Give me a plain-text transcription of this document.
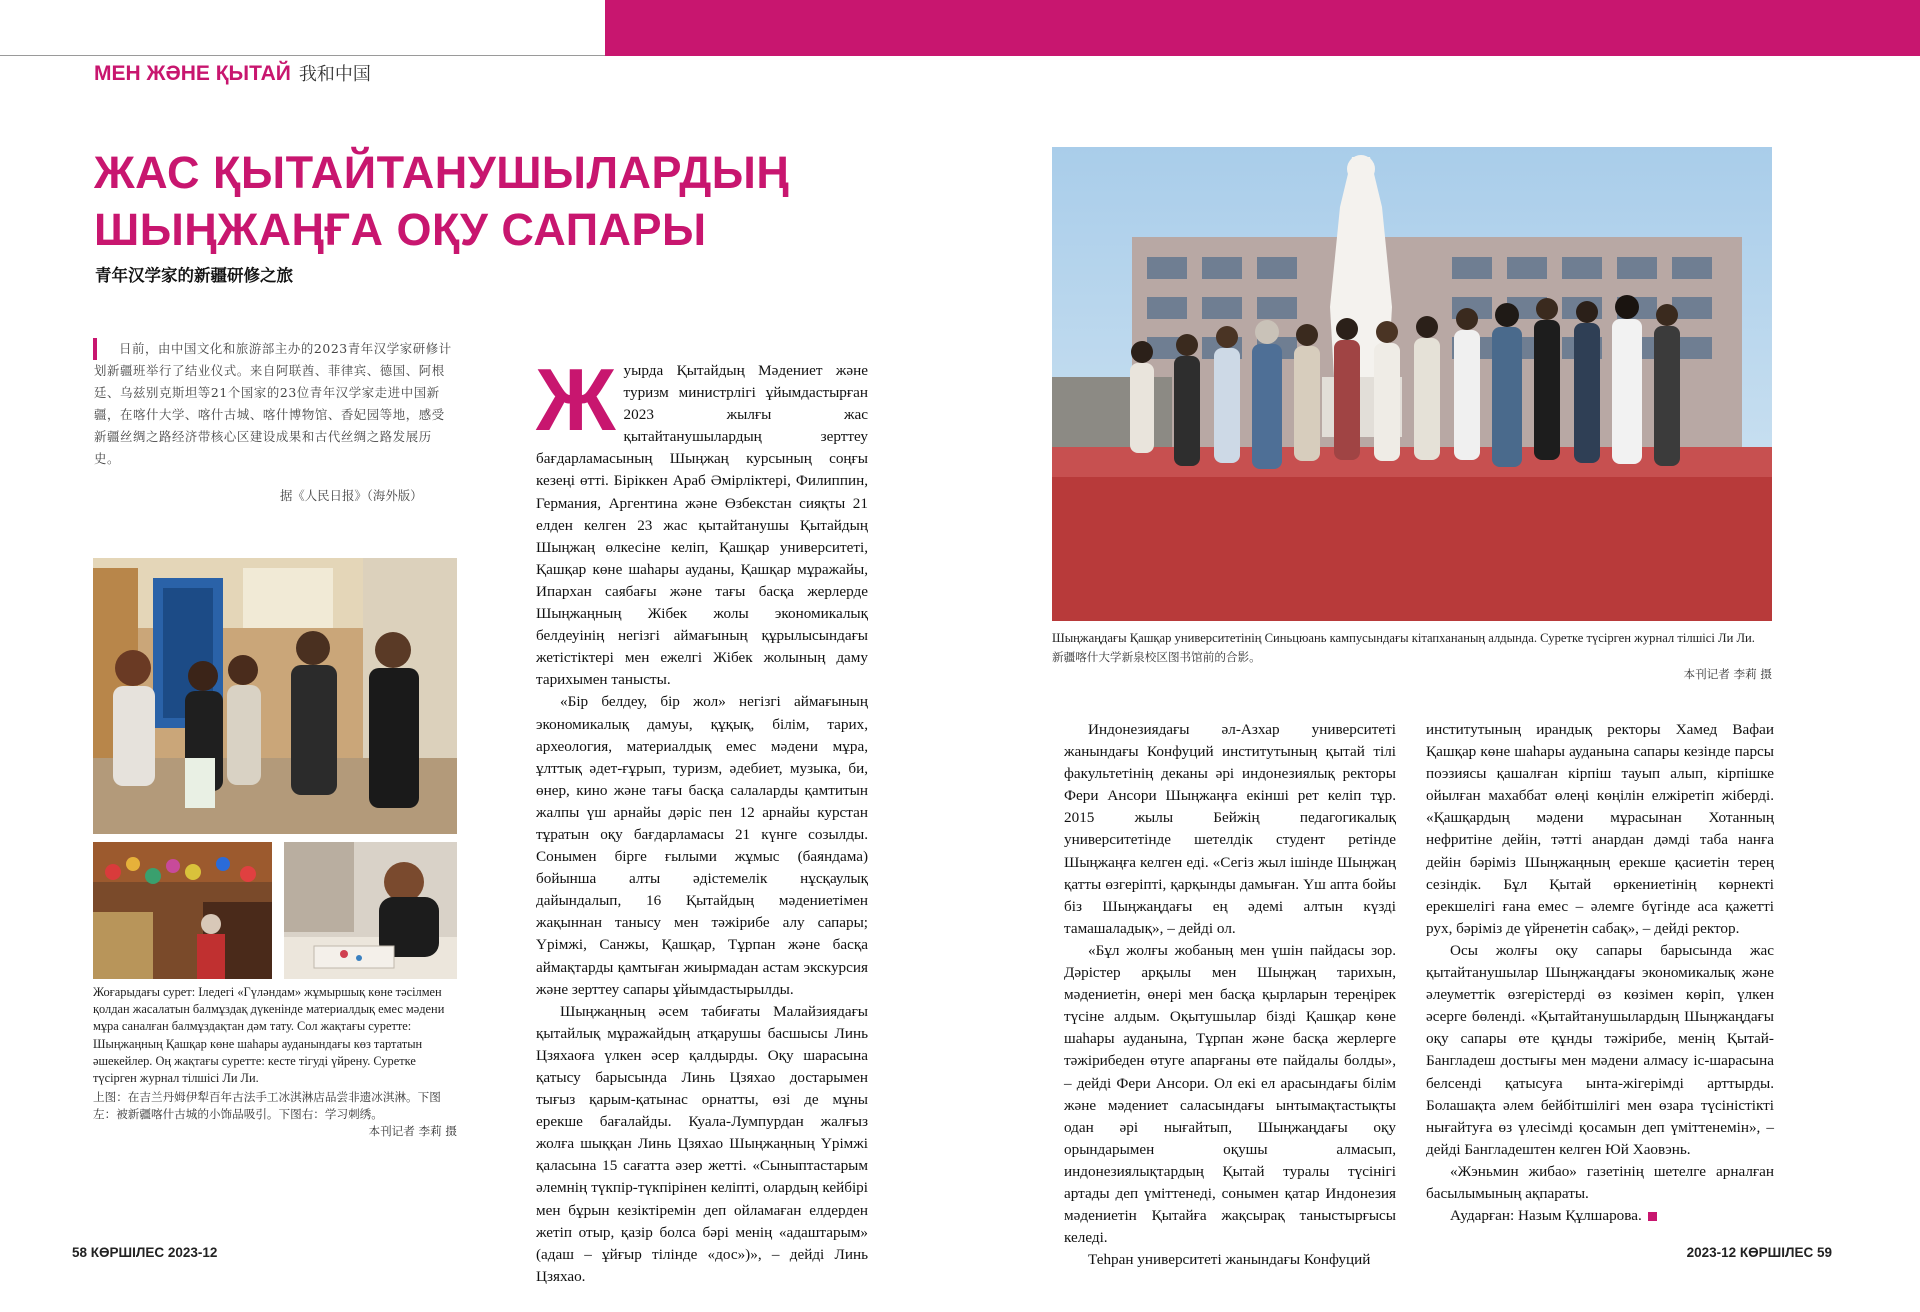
МЕН ЖӘНЕ ҚЫТАЙ 我和中国
ЖАС ҚЫТАЙТАНУШЫЛАРДЫҢ
ШЫҢЖАҢҒА ОҚУ САПАРЫ
青年汉学家的新疆研修之旅

日前，由中国文化和旅游部主办的2023青年汉学家研修计划新疆班举行了结业仪式。来自阿联酋、菲律宾、德国、阿根廷、乌兹别克斯坦等21个国家的23位青年汉学家走进中国新疆，在喀什大学、喀什古城、喀什博物馆、香妃园等地，感受新疆丝绸之路经济带核心区建设成果和古代丝绸之路发展历史。

据《人民日报》（海外版）

Жоғарыдағы сурет: Іледегі «Гүләндам» жұмыршық көне тәсілмен қолдан жасалатын балмұздақ дүкенінде материалдық емес мәдени мұра саналған балмұздақтан дәм тату. Сол жақтағы суретте: Шыңжаңның Қашқар көне шаһары ауданындағы көз тартатын әшекейлер. Оң жақтағы суретте: кесте тігуді үйрену. Суретке түсірген журнал тілшісі Ли Ли.

上图：在吉兰丹姆伊犁百年古法手工冰淇淋店品尝非遗冰淇淋。下图左：被新疆喀什古城的小饰品吸引。下图右：学习刺绣。

本刊记者 李莉 摄

Жуырда Қытайдың Мәдениет және туризм министрлігі ұйымдастырған 2023 жылғы жас қытайтанушылардың зерттеу бағдарламасының Шыңжаң курсының соңғы кезеңі өтті. Біріккен Араб Әмірліктері, Филиппин, Германия, Аргентина және Өзбекстан сияқты 21 елден келген 23 жас қытайтанушы Қытайдың Шыңжаң өлкесіне келіп, Қашқар университеті, Қашқар көне шаһары ауданы, Қашқар мұражайы, Ипархан саябағы және тағы басқа жерлерде Шыңжаңның Жібек жолы экономикалық белдеуінің негізгі аймағының құрылысындағы жетістіктері мен ежелгі Жібек жолының даму тарихымен танысты.

«Бір белдеу, бір жол» негізгі аймағының экономикалық дамуы, құқық, білім, тарих, археология, материалдық емес мәдени мұра, ұлттық әдет-ғұрып, туризм, әдебиет, музыка, би, өнер, кино және тағы басқа салаларды қамтитын жалпы үш арнайы дәріс пен 12 арнайы курстан тұратын оқу бағдарламасы 21 күнге созылды. Сонымен бірге ғылыми жұмыс (баяндама) бойынша алты әдістемелік нұсқаулық дайындалып, 16 Қытайдың мәдениетімен жақыннан танысу мен тәжірибе алу сапары; Үрімжі, Санжы, Қашқар, Тұрпан және басқа аймақтарды қамтыған жиырмадан астам экскурсия және зерттеу сапары ұйымдастырылды.

Шыңжаңның әсем табиғаты Малайзиядағы қытайлық мұражайдың атқарушы басшысы Линь Цзяхаоға үлкен әсер қалдырды. Оқу шарасына қатысу барысында Линь Цзяхао достарымен тығыз қарым-қатынас орнатты, өзі де мұны ерекше бағалайды. Куала-Лумпурдан жалғыз жолға шыққан Линь Цзяхао Шыңжаңның Үрімжі қаласына 15 сағатта әзер жетті. «Сыныптастарым әлемнің түкпір-түкпірінен келіпті, олардың кейбірі мен бұрын кезіктіремін деп ойламаған елдерден жетіп отыр, қазір болса бәрі менің «адаштарым» (адаш – ұйғыр тілінде «дос»)», – дейді Линь Цзяхао.

Шыңжаңдағы Қашқар университетінің Синьцюань кампусындағы кітапхананың алдында. Суретке түсірген журнал тілшісі Ли Ли.

新疆喀什大学新泉校区图书馆前的合影。

本刊记者 李莉 摄

Индонезиядағы әл-Азхар университеті жанындағы Конфуций институтының қытай тілі факультетінің деканы әрі индонезиялық ректоры Фери Ансори Шыңжаңға екінші рет келіп тұр. 2015 жылы Бейжің педагогикалық университетінде шетелдік студент ретінде Шыңжаңға келген еді. «Сегіз жыл ішінде Шыңжаң қатты өзгеріпті, қарқынды дамыған. Үш апта бойы біз Шыңжаңдағы ең әдемі алтын күзді тамашаладық», – дейді ол.

«Бұл жолғы жобаның мен үшін пайдасы зор. Дәрістер арқылы мен Шыңжаң тарихын, мәдениетін, өнері мен басқа қырларын тереңірек түсіне алдым. Оқытушылар бізді Қашқар көне шаһары ауданына, Тұрпан және басқа жерлерге тәжірибеден өтуге апарғаны өте пайдалы болды», – дейді Фери Ансори. Ол екі ел арасындағы білім және мәдениет саласындағы ынтымақтастықты одан әрі нығайтып, Шыңжаңдағы оқу орындарымен оқушы алмасып, индонезиялықтардың Қытай туралы түсінігі артады деп үміттенеді, сонымен қатар Индонезия мәдениетін Қытайға жақсырақ таныстырғысы келеді.

Теһран университеті жанындағы Конфуций

институтының ирандық ректоры Хамед Вафаи Қашқар көне шаһары ауданына сапары кезінде парсы поэзиясы қашалған кірпіш тауып алып, кірпішке ойылған махаббат өлеңі көңілін елжіретіп жіберді. «Қашқардың мәдени мұрасынан Хотанның нефритіне дейін, тәтті анардан дәмді таба нанға дейін бәріміз Шыңжаңның ерекше қасиетін терең сезіндік. Бұл Қытай өркениетінің көрнекті ерекшелігі ғана емес – әлемге бүгінде аса қажетті рух, бәріміз де үйренетін сабақ», – дейді ректор.

Осы жолғы оқу сапары барысында жас қытайтанушылар Шыңжаңдағы экономикалық және әлеуметтік өзгерістерді өз көзімен көріп, үлкен әсерге бөленді. «Қытайтанушылардың Шыңжаңдағы оқу сапары өте құнды тәжірибе, менің Қытай-Бангладеш достығы мен мәдени алмасу іс-шарасына белсенді қатысуға ынта-жігерімді арттырды. Болашақта әлем бейбітшілігі мен өзара түсіністікті нығайтуға өз үлесімді қосамын деп үміттенемін», – дейді Бангладештен келген Юй Хаовэнь.

«Жэньмин жибао» газетінің шетелге арналған басылымының ақпараты.

Аударған: Назым Құлшарова.

58 КӨРШІЛЕС 2023-12	2023-12 КӨРШІЛЕС 59
